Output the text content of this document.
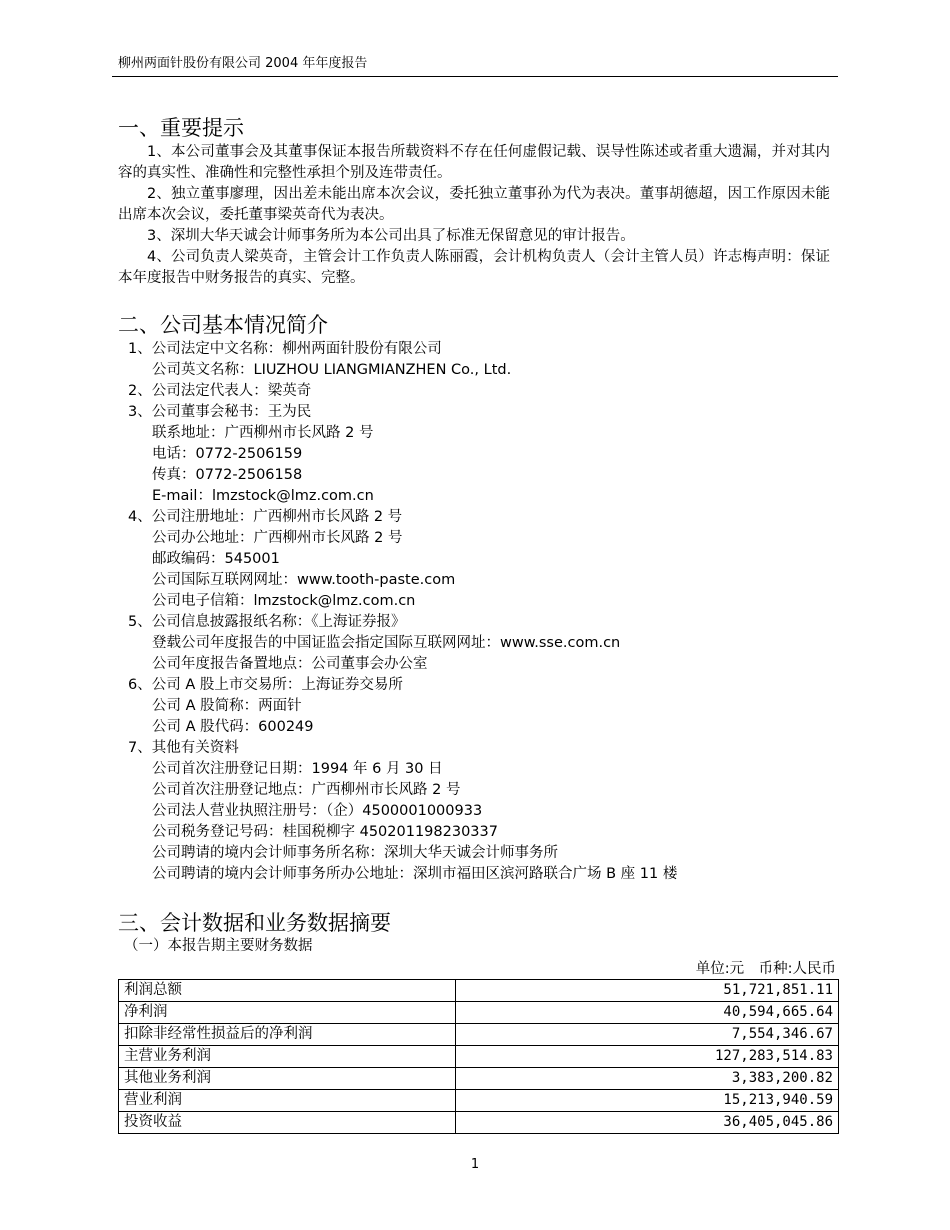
柳州两面针股份有限公司 2004 年年度报告
一、重要提示

1、本公司董事会及其董事保证本报告所载资料不存在任何虚假记载、误导性陈述或者重大遗漏，并对其内容的真实性、准确性和完整性承担个别及连带责任。

2、独立董事廖理，因出差未能出席本次会议，委托独立董事孙为代为表决。董事胡德超，因工作原因未能出席本次会议，委托董事梁英奇代为表决。

3、深圳大华天诚会计师事务所为本公司出具了标准无保留意见的审计报告。

4、公司负责人梁英奇，主管会计工作负责人陈丽霞，会计机构负责人（会计主管人员）许志梅声明：保证本年度报告中财务报告的真实、完整。

二、公司基本情况简介
1、公司法定中文名称：柳州两面针股份有限公司
公司英文名称：LIUZHOU LIANGMIANZHEN Co., Ltd.
2、公司法定代表人：梁英奇
3、公司董事会秘书：王为民
联系地址：广西柳州市长风路 2 号
电话：0772-2506159
传真：0772-2506158
E-mail：lmzstock@lmz.com.cn
4、公司注册地址：广西柳州市长风路 2 号
公司办公地址：广西柳州市长风路 2 号
邮政编码：545001
公司国际互联网网址：www.tooth-paste.com
公司电子信箱：lmzstock@lmz.com.cn
5、公司信息披露报纸名称：《上海证券报》
登载公司年度报告的中国证监会指定国际互联网网址：www.sse.com.cn
公司年度报告备置地点：公司董事会办公室
6、公司 A 股上市交易所：上海证券交易所
公司 A 股简称：两面针
公司 A 股代码：600249
7、其他有关资料
公司首次注册登记日期：1994 年 6 月 30 日
公司首次注册登记地点：广西柳州市长风路 2 号
公司法人营业执照注册号：（企）4500001000933
公司税务登记号码：桂国税柳字 450201198230337
公司聘请的境内会计师事务所名称：深圳大华天诚会计师事务所
公司聘请的境内会计师事务所办公地址：深圳市福田区滨河路联合广场 B 座 11 楼
三、会计数据和业务数据摘要
（一）本报告期主要财务数据
单位:元　币种:人民币
利润总额	51,721,851.11
净利润	40,594,665.64
扣除非经常性损益后的净利润	7,554,346.67
主营业务利润	127,283,514.83
其他业务利润	3,383,200.82
营业利润	15,213,940.59
投资收益	36,405,045.86
1
